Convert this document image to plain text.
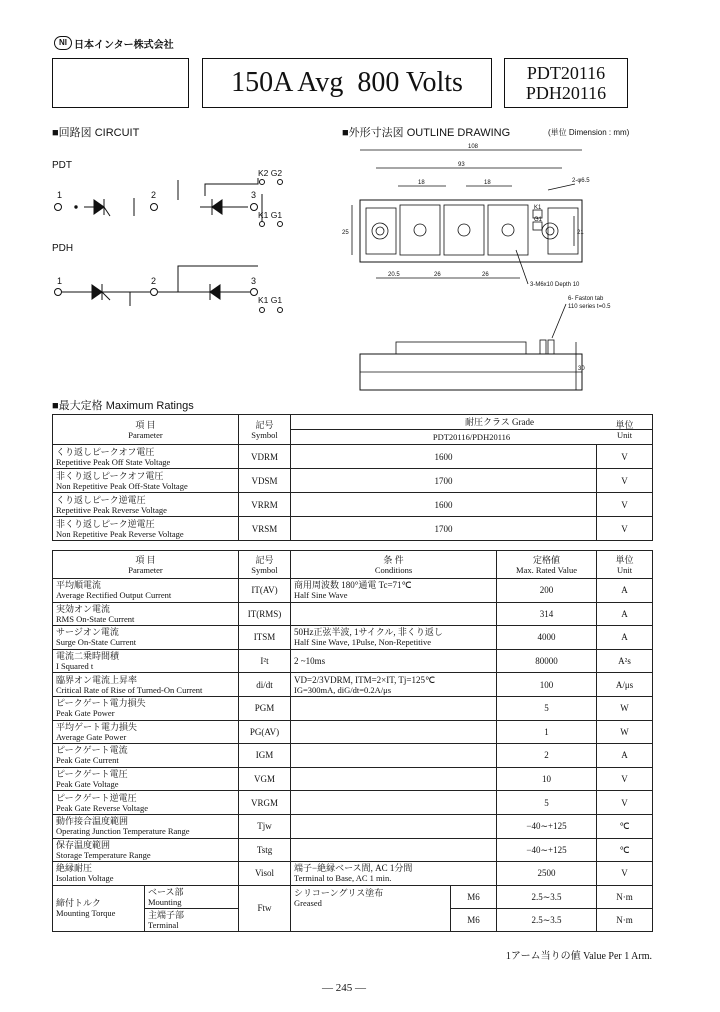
NI 日本インター株式会社
150A Avg  800 Volts	PDT20116
PDH20116
■回路図 CIRCUIT
PDT
PDH
1	2	3
K2 G2
K1 G1
1	2	3
K1 G1
■外形寸法図 OUTLINE DRAWING	(単位 Dimension : mm)
108
93
18	18	2-φ6.5
K1
G1
25	21
20.5	26	26
3-M6x10 Depth 10
6- Faston tab
110 series t=0.5
30
■最大定格 Maximum Ratings
項 目
Parameter

記号
Symbol

耐圧クラス Grade
PDT20116/PDH20116

			単位
Unit

くり返しピークオフ電圧
Repetitive Peak Off State Voltage	VDRM	1600	V

非くり返しピークオフ電圧
Non Repetitive Peak Off-State Voltage	VDSM	1700	V

くり返しピーク逆電圧
Repetitive Peak Reverse Voltage	VRRM	1600	V

非くり返しピーク逆電圧
Non Repetitive Peak Reverse Voltage	VRSM	1700	V
項 目
Parameter		記号
Symbol	条 件
Conditions		定格値
Max. Rated Value	単位
Unit

平均順電流
Average Rectified Output Current		IT(AV)	商用周波数 180°通電 Tc=71℃
Half Sine Wave		200	A

実効オン電流
RMS On-State Current		IT(RMS)			314	A

サージオン電流
Surge On-State Current		ITSM	50Hz正弦半波, 1サイクル, 非くり返し
Half Sine Wave, 1Pulse, Non-Repetitive		4000	A

電流二乗時間積
I Squared t		I²t	2 ~10ms		80000	A²s

臨界オン電流上昇率
Critical Rate of Rise of Turned-On Current		di/dt	VD=2/3VDRM, ITM=2×IT, Tj=125℃
IG=300mA, diG/dt=0.2A/μs		100	A/μs

ピークゲート電力損失
Peak Gate Power		PGM			5	W

平均ゲート電力損失
Average Gate Power		PG(AV)			1	W

ピークゲート電流
Peak Gate Current		IGM			2	A

ピークゲート電圧
Peak Gate Voltage		VGM			10	V

ピークゲート逆電圧
Peak Gate Reverse Voltage		VRGM			5	V

動作接合温度範囲
Operating Junction Temperature Range		Tjw			−40∼+125	℃

保存温度範囲
Storage Temperature Range		Tstg			−40∼+125	℃

絶縁耐圧
Isolation Voltage		Visol	端子−絶縁ベース間, AC 1分間
Terminal to Base, AC 1 min.		2500	V

締付トルク
Mounting Torque	ベース部
Mounting	Ftw	シリコーングリス塗布
Greased	M6	2.5∼3.5	N·m

	主端子部
Terminal			M6	2.5∼3.5	N·m
1アーム当りの値 Value Per 1 Arm.
— 245 —
